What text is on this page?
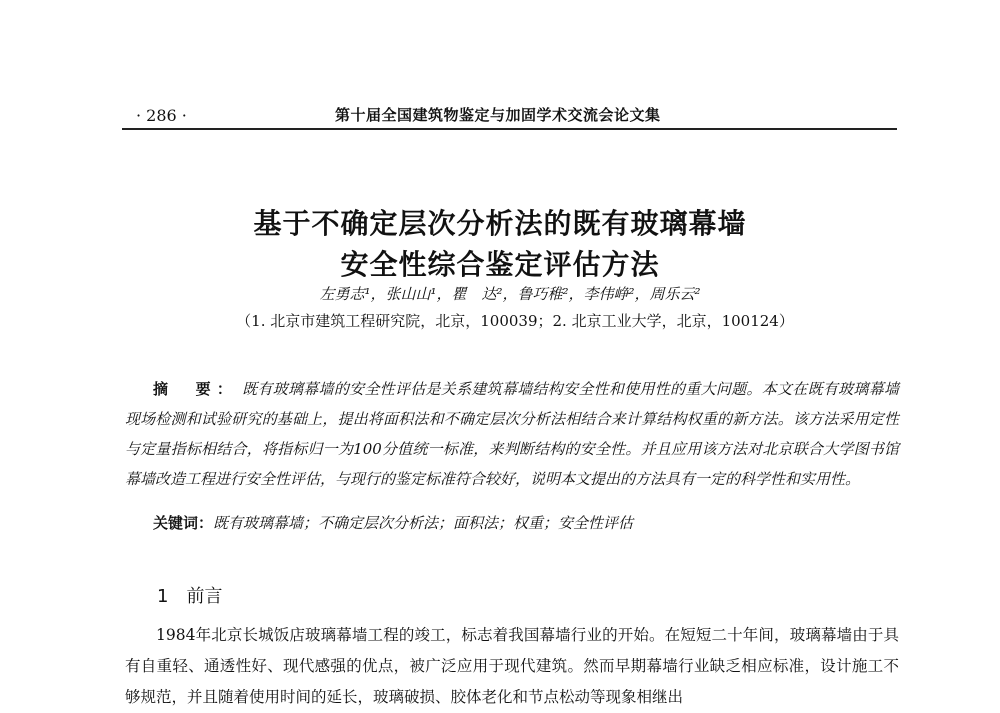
· 286 ·	第十届全国建筑物鉴定与加固学术交流会论文集
基于不确定层次分析法的既有玻璃幕墙
安全性综合鉴定评估方法
左勇志¹，张山山¹，瞿　达²，鲁巧稚²，李伟峥²，周乐云²
（1. 北京市建筑工程研究院，北京，100039；2. 北京工业大学，北京，100124）
摘　要： 既有玻璃幕墙的安全性评估是关系建筑幕墙结构安全性和使用性的重大问题。本文在既有玻璃幕墙现场检测和试验研究的基础上，提出将面积法和不确定层次分析法相结合来计算结构权重的新方法。该方法采用定性与定量指标相结合，将指标归一为100分值统一标准，来判断结构的安全性。并且应用该方法对北京联合大学图书馆幕墙改造工程进行安全性评估，与现行的鉴定标准符合较好，说明本文提出的方法具有一定的科学性和实用性。
关键词：既有玻璃幕墙；不确定层次分析法；面积法；权重；安全性评估
1 前言

1984年北京长城饭店玻璃幕墙工程的竣工，标志着我国幕墙行业的开始。在短短二十年间，玻璃幕墙由于具有自重轻、通透性好、现代感强的优点，被广泛应用于现代建筑。然而早期幕墙行业缺乏相应标准，设计施工不够规范，并且随着使用时间的延长，玻璃破损、胶体老化和节点松动等现象相继出
